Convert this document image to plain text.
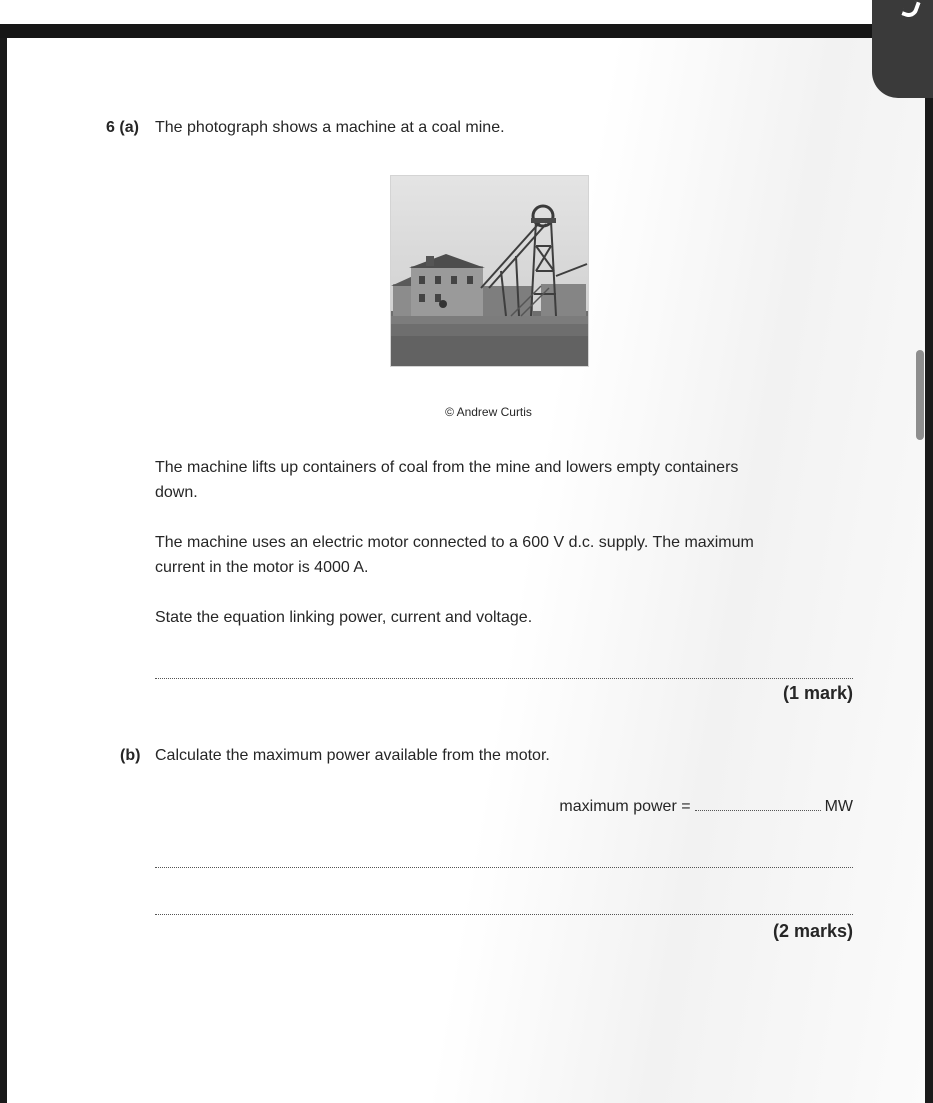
6 (a) The photograph shows a machine at a coal mine.
© Andrew Curtis
The machine lifts up containers of coal from the mine and lowers empty containers
down.
The machine uses an electric motor connected to a 600 V d.c. supply. The maximum
current in the motor is 4000 A.
State the equation linking power, current and voltage.
(1 mark)
(b) Calculate the maximum power available from the motor.
maximum power =	MW
(2 marks)
